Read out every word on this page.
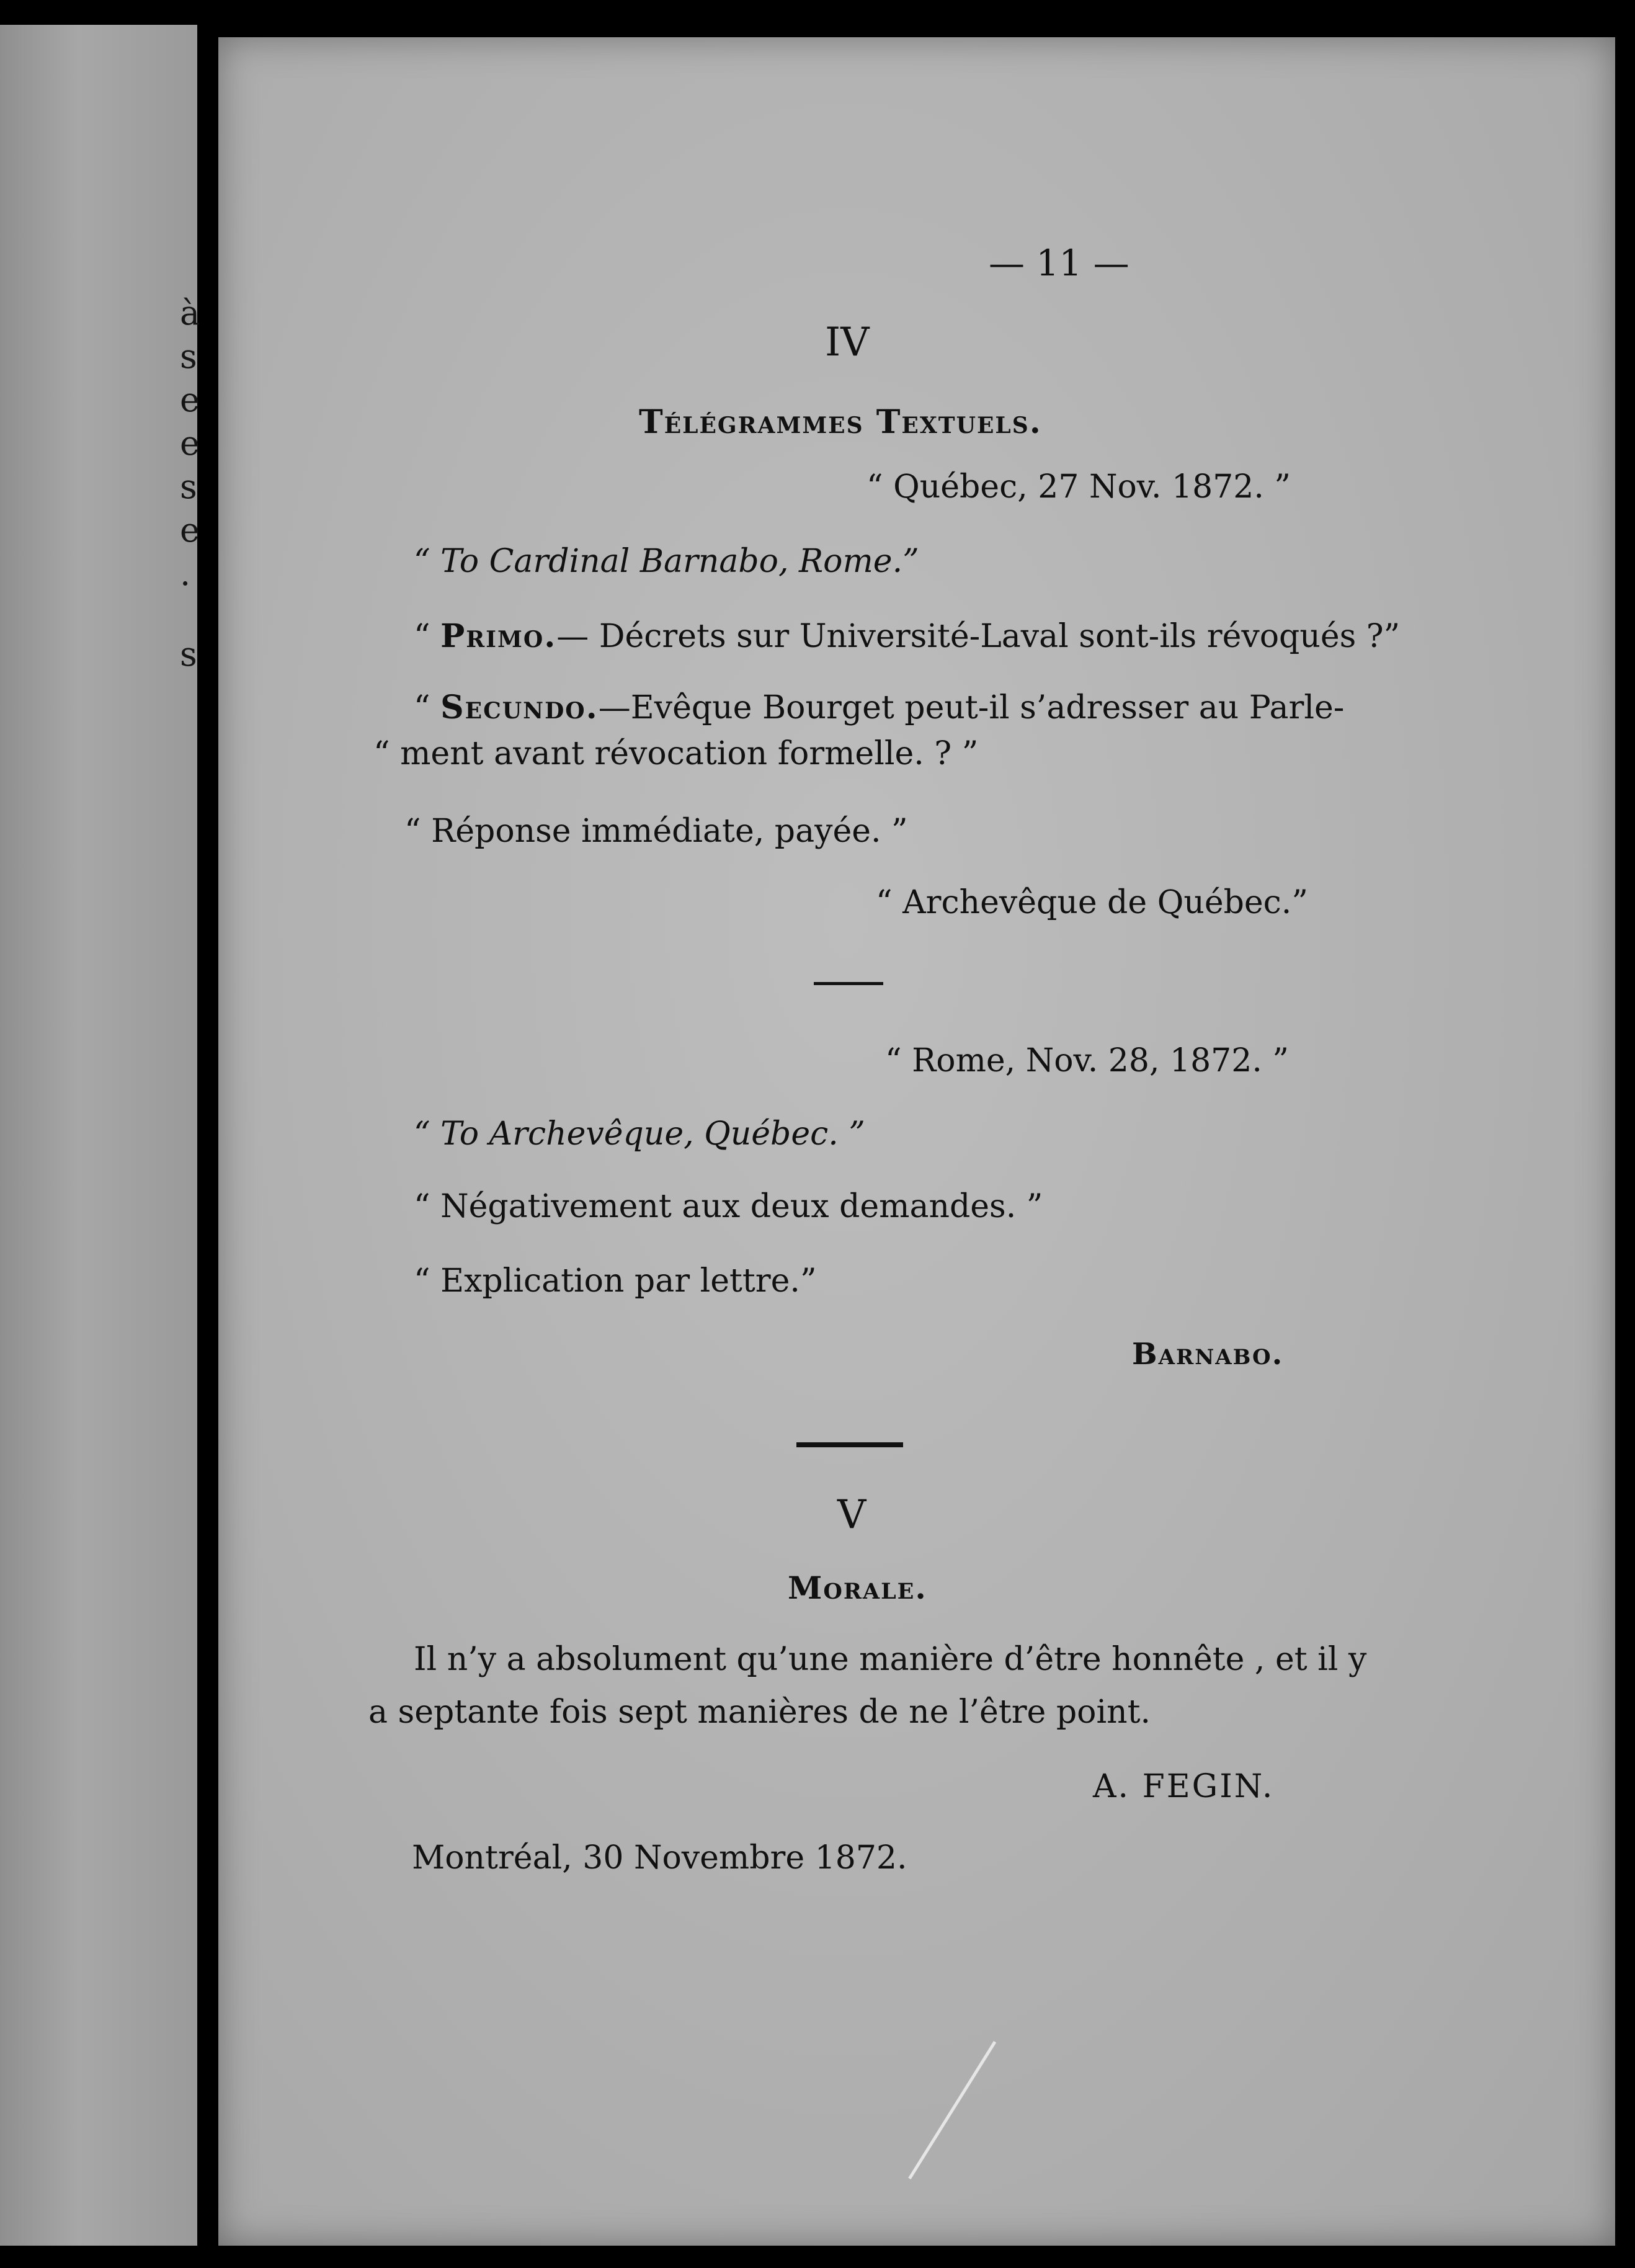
à
s
e
e
s
e
.
s
— 11 —
IV
Télégrammes Textuels.
“ Québec, 27 Nov. 1872. ”
“ To Cardinal Barnabo, Rome.”
“ Primo.— Décrets sur Université-Laval sont-ils révoqués ?”
“ Secundo.—Evêque Bourget peut-il s’adresser au Parle-
“ ment avant révocation formelle. ? ”
“ Réponse immédiate, payée. ”
“ Archevêque de Québec.”
“ Rome, Nov. 28, 1872. ”
“ To Archevêque, Québec. ”
“ Négativement aux deux demandes. ”
“ Explication par lettre.”
Barnabo.
V
Morale.
Il n’y a absolument qu’une manière d’être honnête , et il y
a septante fois sept manières de ne l’être point.
A. FEGIN.
Montréal, 30 Novembre 1872.
